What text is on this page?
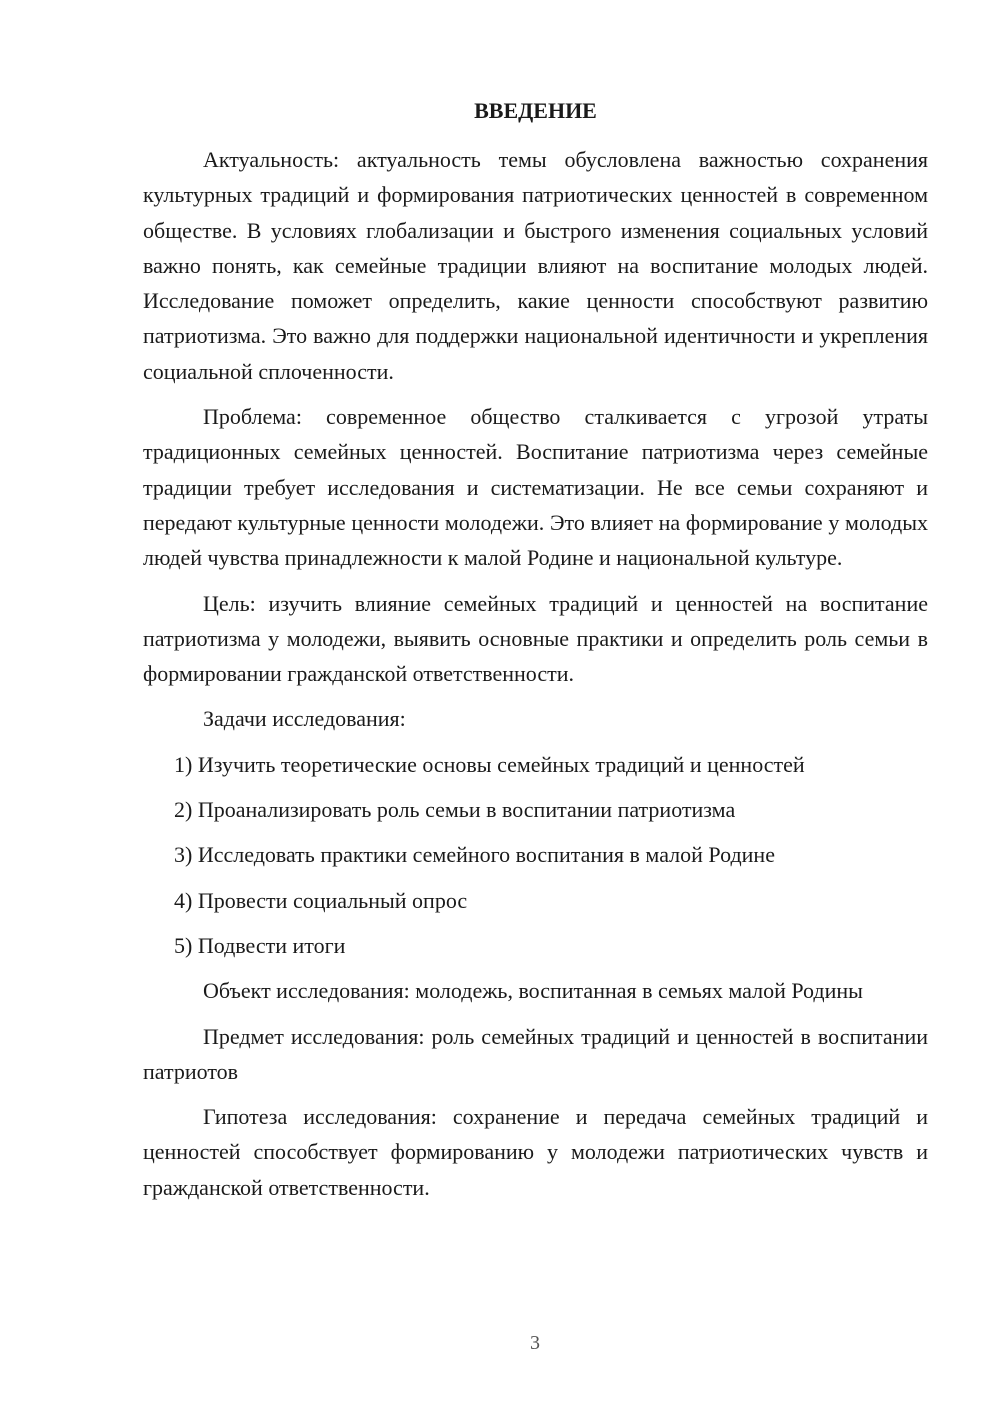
ВВЕДЕНИЕ

Актуальность: актуальность темы обусловлена важностью сохранения культурных традиций и формирования патриотических ценностей в современном обществе. В условиях глобализации и быстрого изменения социальных условий важно понять, как семейные традиции влияют на воспитание молодых людей. Исследование поможет определить, какие ценности способствуют развитию патриотизма. Это важно для поддержки национальной идентичности и укрепления социальной сплоченности.

Проблема: современное общество сталкивается с угрозой утраты традиционных семейных ценностей. Воспитание патриотизма через семейные традиции требует исследования и систематизации. Не все семьи сохраняют и передают культурные ценности молодежи. Это влияет на формирование у молодых людей чувства принадлежности к малой Родине и национальной культуре.

Цель: изучить влияние семейных традиций и ценностей на воспитание патриотизма у молодежи, выявить основные практики и определить роль семьи в формировании гражданской ответственности.

Задачи исследования:

1) Изучить теоретические основы семейных традиций и ценностей
2) Проанализировать роль семьи в воспитании патриотизма
3) Исследовать практики семейного воспитания в малой Родине
4) Провести социальный опрос
5) Подвести итоги

Объект исследования: молодежь, воспитанная в семьях малой Родины

Предмет исследования: роль семейных традиций и ценностей в воспитании патриотов

Гипотеза исследования: сохранение и передача семейных традиций и ценностей способствует формированию у молодежи патриотических чувств и гражданской ответственности.

3
